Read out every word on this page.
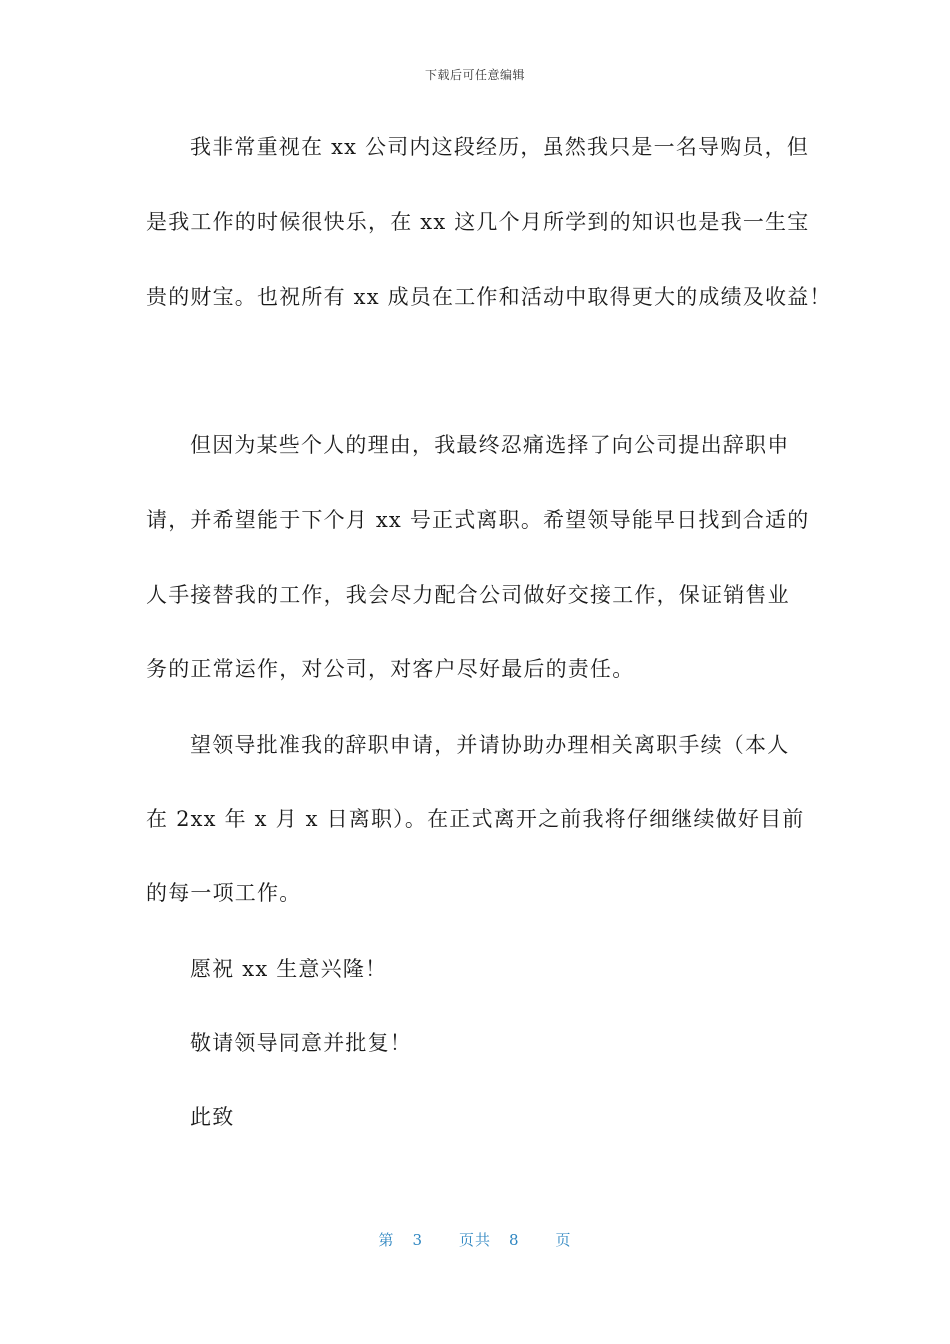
下载后可任意编辑
我非常重视在 xx 公司内这段经历，虽然我只是一名导购员，但
是我工作的时候很快乐，在 xx 这几个月所学到的知识也是我一生宝
贵的财宝。也祝所有 xx 成员在工作和活动中取得更大的成绩及收益！
但因为某些个人的理由，我最终忍痛选择了向公司提出辞职申
请，并希望能于下个月 xx 号正式离职。希望领导能早日找到合适的
人手接替我的工作，我会尽力配合公司做好交接工作，保证销售业
务的正常运作，对公司，对客户尽好最后的责任。
望领导批准我的辞职申请，并请协助办理相关离职手续（本人
在 2xx 年 x 月 x 日离职）。在正式离开之前我将仔细继续做好目前
的每一项工作。
愿祝 xx 生意兴隆！
敬请领导同意并批复！
此致
第 3 页共 8 页
